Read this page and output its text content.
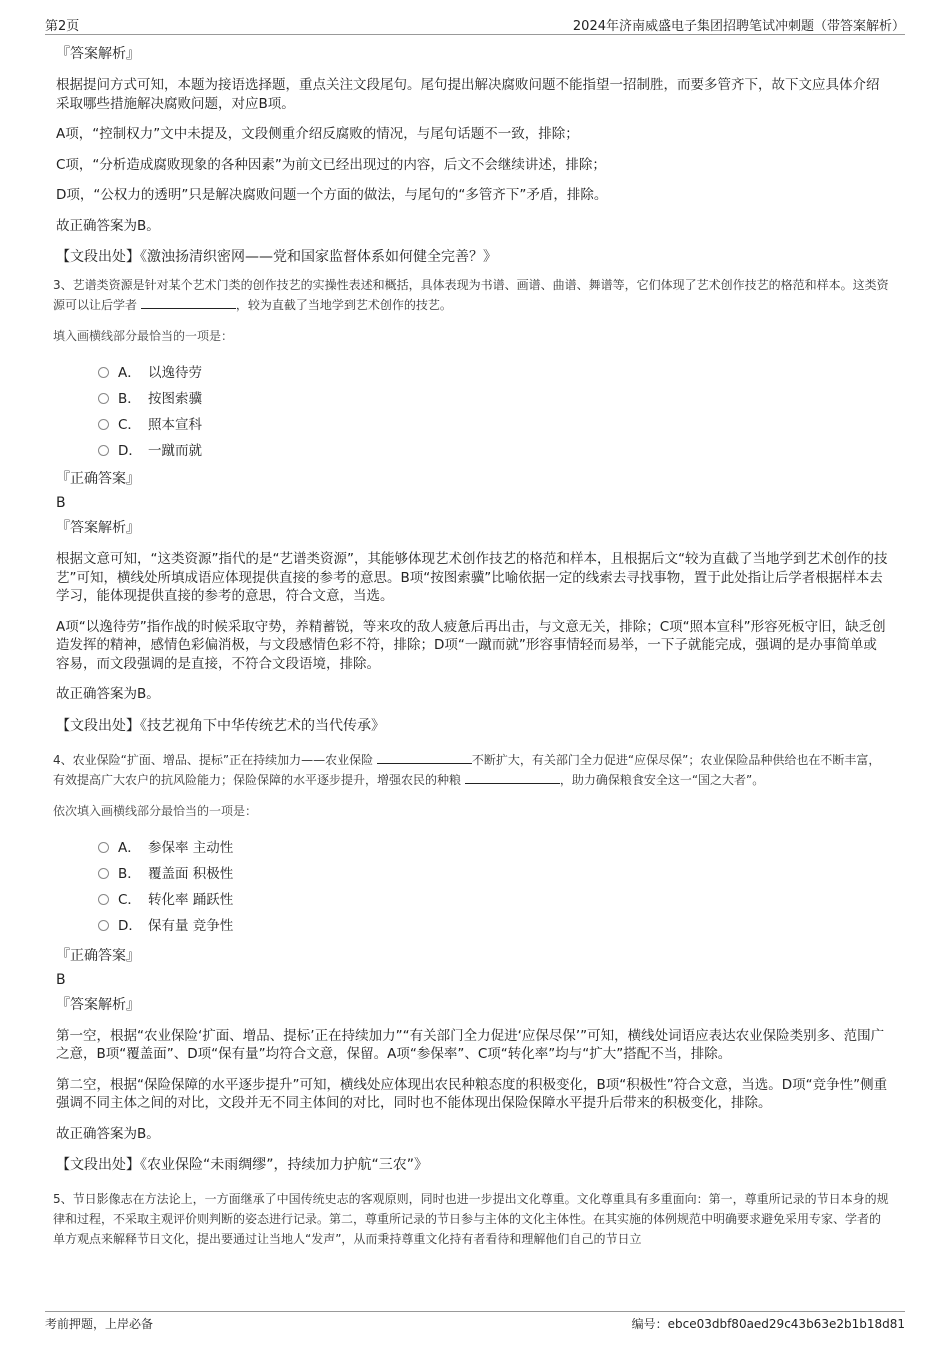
第2页	2024年济南威盛电子集团招聘笔试冲刺题（带答案解析）
『答案解析』
根据提问方式可知，本题为接语选择题，重点关注文段尾句。尾句提出解决腐败问题不能指望一招制胜，而要多管齐下，故下文应具体介绍采取哪些措施解决腐败问题，对应B项。
A项，“控制权力”文中未提及，文段侧重介绍反腐败的情况，与尾句话题不一致，排除；
C项，“分析造成腐败现象的各种因素”为前文已经出现过的内容，后文不会继续讲述，排除；
D项，“公权力的透明”只是解决腐败问题一个方面的做法，与尾句的“多管齐下”矛盾，排除。
故正确答案为B。
【文段出处】《激浊扬清织密网——党和国家监督体系如何健全完善？》
3、艺谱类资源是针对某个艺术门类的创作技艺的实操性表述和概括，具体表现为书谱、画谱、曲谱、舞谱等，它们体现了艺术创作技艺的格范和样本。这类资源可以让后学者	，较为直截了当地学到艺术创作的技艺。
填入画横线部分最恰当的一项是：
A． 以逸待劳
B． 按图索骥
C． 照本宣科
D． 一蹴而就
『正确答案』
B
『答案解析』
根据文意可知，“这类资源”指代的是“艺谱类资源”，其能够体现艺术创作技艺的格范和样本，且根据后文“较为直截了当地学到艺术创作的技艺”可知，横线处所填成语应体现提供直接的参考的意思。B项“按图索骥”比喻依据一定的线索去寻找事物，置于此处指让后学者根据样本去学习，能体现提供直接的参考的意思，符合文意，当选。
A项“以逸待劳”指作战的时候采取守势，养精蓄锐，等来攻的敌人疲惫后再出击，与文意无关，排除；C项“照本宣科”形容死板守旧，缺乏创造发挥的精神，感情色彩偏消极，与文段感情色彩不符，排除；D项“一蹴而就”形容事情轻而易举，一下子就能完成，强调的是办事简单或容易，而文段强调的是直接，不符合文段语境，排除。
故正确答案为B。
【文段出处】《技艺视角下中华传统艺术的当代传承》
4、农业保险“扩面、增品、提标”正在持续加力——农业保险	不断扩大，有关部门全力促进“应保尽保”；农业保险品种供给也在不断丰富，有效提高广大农户的抗风险能力；保险保障的水平逐步提升，增强农民的种粮	，助力确保粮食安全这一“国之大者”。
依次填入画横线部分最恰当的一项是：
A． 参保率 主动性
B． 覆盖面 积极性
C． 转化率 踊跃性
D． 保有量 竞争性
『正确答案』
B
『答案解析』
第一空，根据“农业保险‘扩面、增品、提标’正在持续加力”“有关部门全力促进‘应保尽保’”可知，横线处词语应表达农业保险类别多、范围广之意，B项“覆盖面”、D项“保有量”均符合文意，保留。A项“参保率”、C项“转化率”均与“扩大”搭配不当，排除。
第二空，根据“保险保障的水平逐步提升”可知，横线处应体现出农民种粮态度的积极变化，B项“积极性”符合文意，当选。D项“竞争性”侧重强调不同主体之间的对比，文段并无不同主体间的对比，同时也不能体现出保险保障水平提升后带来的积极变化，排除。
故正确答案为B。
【文段出处】《农业保险“未雨绸缪”，持续加力护航“三农”》
5、节日影像志在方法论上，一方面继承了中国传统史志的客观原则，同时也进一步提出文化尊重。文化尊重具有多重面向：第一，尊重所记录的节日本身的规律和过程，不采取主观评价则判断的姿态进行记录。第二，尊重所记录的节日参与主体的文化主体性。在其实施的体例规范中明确要求避免采用专家、学者的单方观点来解释节日文化，提出要通过让当地人“发声”，从而秉持尊重文化持有者看待和理解他们自己的节日立
考前押题，上岸必备	编号：ebce03dbf80aed29c43b63e2b1b18d81
